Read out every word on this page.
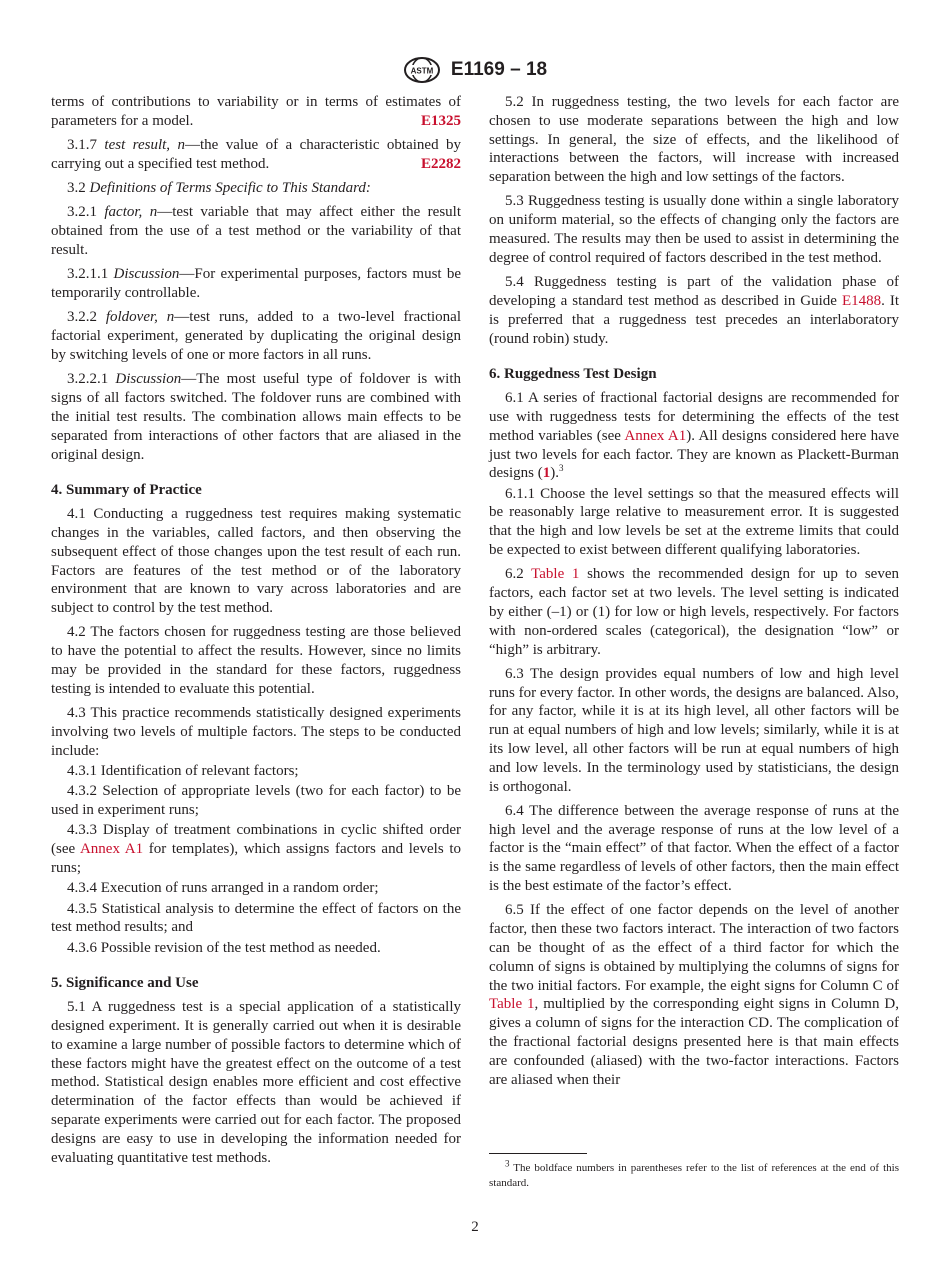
ASTM E1169 – 18

terms of contributions to variability or in terms of estimates of parameters for a model.	E1325

3.1.7 test result, n—the value of a characteristic obtained by carrying out a specified test method.	E2282

3.2 Definitions of Terms Specific to This Standard:

3.2.1 factor, n—test variable that may affect either the result obtained from the use of a test method or the variability of that result.

3.2.1.1 Discussion—For experimental purposes, factors must be temporarily controllable.

3.2.2 foldover, n—test runs, added to a two-level fractional factorial experiment, generated by duplicating the original design by switching levels of one or more factors in all runs.

3.2.2.1 Discussion—The most useful type of foldover is with signs of all factors switched. The foldover runs are combined with the initial test results. The combination allows main effects to be separated from interactions of other factors that are aliased in the original design.

4. Summary of Practice

4.1 Conducting a ruggedness test requires making systematic changes in the variables, called factors, and then observing the subsequent effect of those changes upon the test result of each run. Factors are features of the test method or of the laboratory environment that are known to vary across laboratories and are subject to control by the test method.

4.2 The factors chosen for ruggedness testing are those believed to have the potential to affect the results. However, since no limits may be provided in the standard for these factors, ruggedness testing is intended to evaluate this potential.

4.3 This practice recommends statistically designed experiments involving two levels of multiple factors. The steps to be conducted include:

4.3.1 Identification of relevant factors;

4.3.2 Selection of appropriate levels (two for each factor) to be used in experiment runs;

4.3.3 Display of treatment combinations in cyclic shifted order (see Annex A1 for templates), which assigns factors and levels to runs;

4.3.4 Execution of runs arranged in a random order;

4.3.5 Statistical analysis to determine the effect of factors on the test method results; and

4.3.6 Possible revision of the test method as needed.

5. Significance and Use

5.1 A ruggedness test is a special application of a statistically designed experiment. It is generally carried out when it is desirable to examine a large number of possible factors to determine which of these factors might have the greatest effect on the outcome of a test method. Statistical design enables more efficient and cost effective determination of the factor effects than would be achieved if separate experiments were carried out for each factor. The proposed designs are easy to use in developing the information needed for evaluating quantitative test methods.

5.2 In ruggedness testing, the two levels for each factor are chosen to use moderate separations between the high and low settings. In general, the size of effects, and the likelihood of interactions between the factors, will increase with increased separation between the high and low settings of the factors.

5.3 Ruggedness testing is usually done within a single laboratory on uniform material, so the effects of changing only the factors are measured. The results may then be used to assist in determining the degree of control required of factors described in the test method.

5.4 Ruggedness testing is part of the validation phase of developing a standard test method as described in Guide E1488. It is preferred that a ruggedness test precedes an interlaboratory (round robin) study.

6. Ruggedness Test Design

6.1 A series of fractional factorial designs are recommended for use with ruggedness tests for determining the effects of the test method variables (see Annex A1). All designs considered here have just two levels for each factor. They are known as Plackett-Burman designs (1).$^3$

6.1.1 Choose the level settings so that the measured effects will be reasonably large relative to measurement error. It is suggested that the high and low levels be set at the extreme limits that could be expected to exist between different qualifying laboratories.

6.2 Table 1 shows the recommended design for up to seven factors, each factor set at two levels. The level setting is indicated by either (–1) or (1) for low or high levels, respectively. For factors with non-ordered scales (categorical), the designation “low” or “high” is arbitrary.

6.3 The design provides equal numbers of low and high level runs for every factor. In other words, the designs are balanced. Also, for any factor, while it is at its high level, all other factors will be run at equal numbers of high and low levels; similarly, while it is at its low level, all other factors will be run at equal numbers of high and low levels. In the terminology used by statisticians, the design is orthogonal.

6.4 The difference between the average response of runs at the high level and the average response of runs at the low level of a factor is the “main effect” of that factor. When the effect of a factor is the same regardless of levels of other factors, then the main effect is the best estimate of the factor’s effect.

6.5 If the effect of one factor depends on the level of another factor, then these two factors interact. The interaction of two factors can be thought of as the effect of a third factor for which the column of signs is obtained by multiplying the columns of signs for the two initial factors. For example, the eight signs for Column C of Table 1, multiplied by the corresponding eight signs in Column D, gives a column of signs for the interaction CD. The complication of the fractional factorial designs presented here is that main effects are confounded (aliased) with the two-factor interactions. Factors are aliased when their

$^3$ The boldface numbers in parentheses refer to the list of references at the end of this standard.

2
